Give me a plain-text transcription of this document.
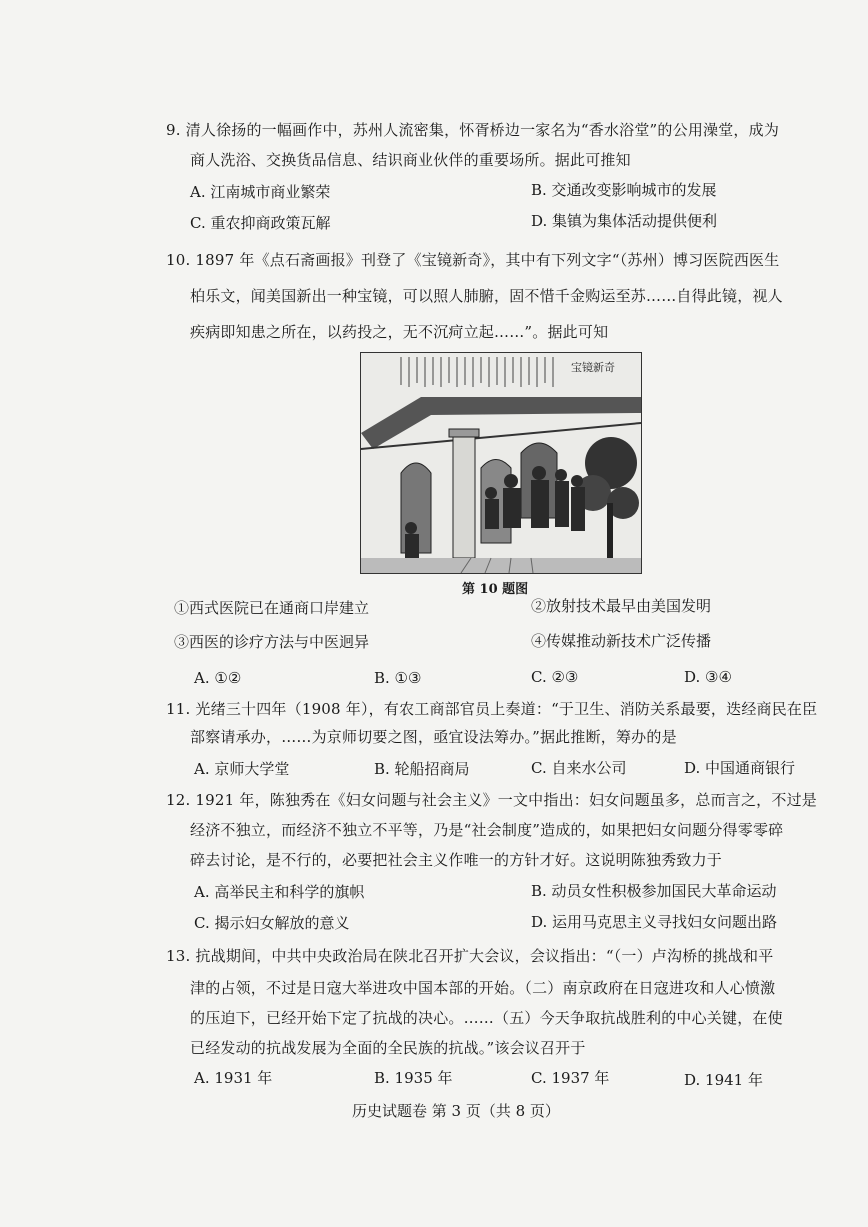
9. 清人徐扬的一幅画作中，苏州人流密集，怀胥桥边一家名为“香水浴堂”的公用澡堂，成为
商人洗浴、交换货品信息、结识商业伙伴的重要场所。据此可推知
A. 江南城市商业繁荣	B. 交通改变影响城市的发展
C. 重农抑商政策瓦解	D. 集镇为集体活动提供便利
10. 1897 年《点石斋画报》刊登了《宝镜新奇》，其中有下列文字“（苏州）博习医院西医生
柏乐文，闻美国新出一种宝镜，可以照人肺腑，固不惜千金购运至苏……自得此镜，视人
疾病即知患之所在，以药投之，无不沉疴立起……”。据此可知
宝镜新奇
第 10 题图
①西式医院已在通商口岸建立	②放射技术最早由美国发明
③西医的诊疗方法与中医迥异	④传媒推动新技术广泛传播
A. ①②	B. ①③	C. ②③	D. ③④
11. 光绪三十四年（1908 年），有农工商部官员上奏道：“于卫生、消防关系最要，迭经商民在臣
部察请承办，……为京师切要之图，亟宜设法筹办。”据此推断，筹办的是
A. 京师大学堂	B. 轮船招商局	C. 自来水公司	D. 中国通商银行
12. 1921 年，陈独秀在《妇女问题与社会主义》一文中指出：妇女问题虽多，总而言之，不过是
经济不独立，而经济不独立不平等，乃是“社会制度”造成的，如果把妇女问题分得零零碎
碎去讨论，是不行的，必要把社会主义作唯一的方针才好。这说明陈独秀致力于
A. 高举民主和科学的旗帜	B. 动员女性积极参加国民大革命运动
C. 揭示妇女解放的意义	D. 运用马克思主义寻找妇女问题出路
13. 抗战期间，中共中央政治局在陕北召开扩大会议，会议指出：“（一）卢沟桥的挑战和平
津的占领，不过是日寇大举进攻中国本部的开始。（二）南京政府在日寇进攻和人心愤激
的压迫下，已经开始下定了抗战的决心。……（五）今天争取抗战胜利的中心关键，在使
已经发动的抗战发展为全面的全民族的抗战。”该会议召开于
A. 1931 年	B. 1935 年	C. 1937 年	D. 1941 年
历史试题卷 第 3 页（共 8 页）
